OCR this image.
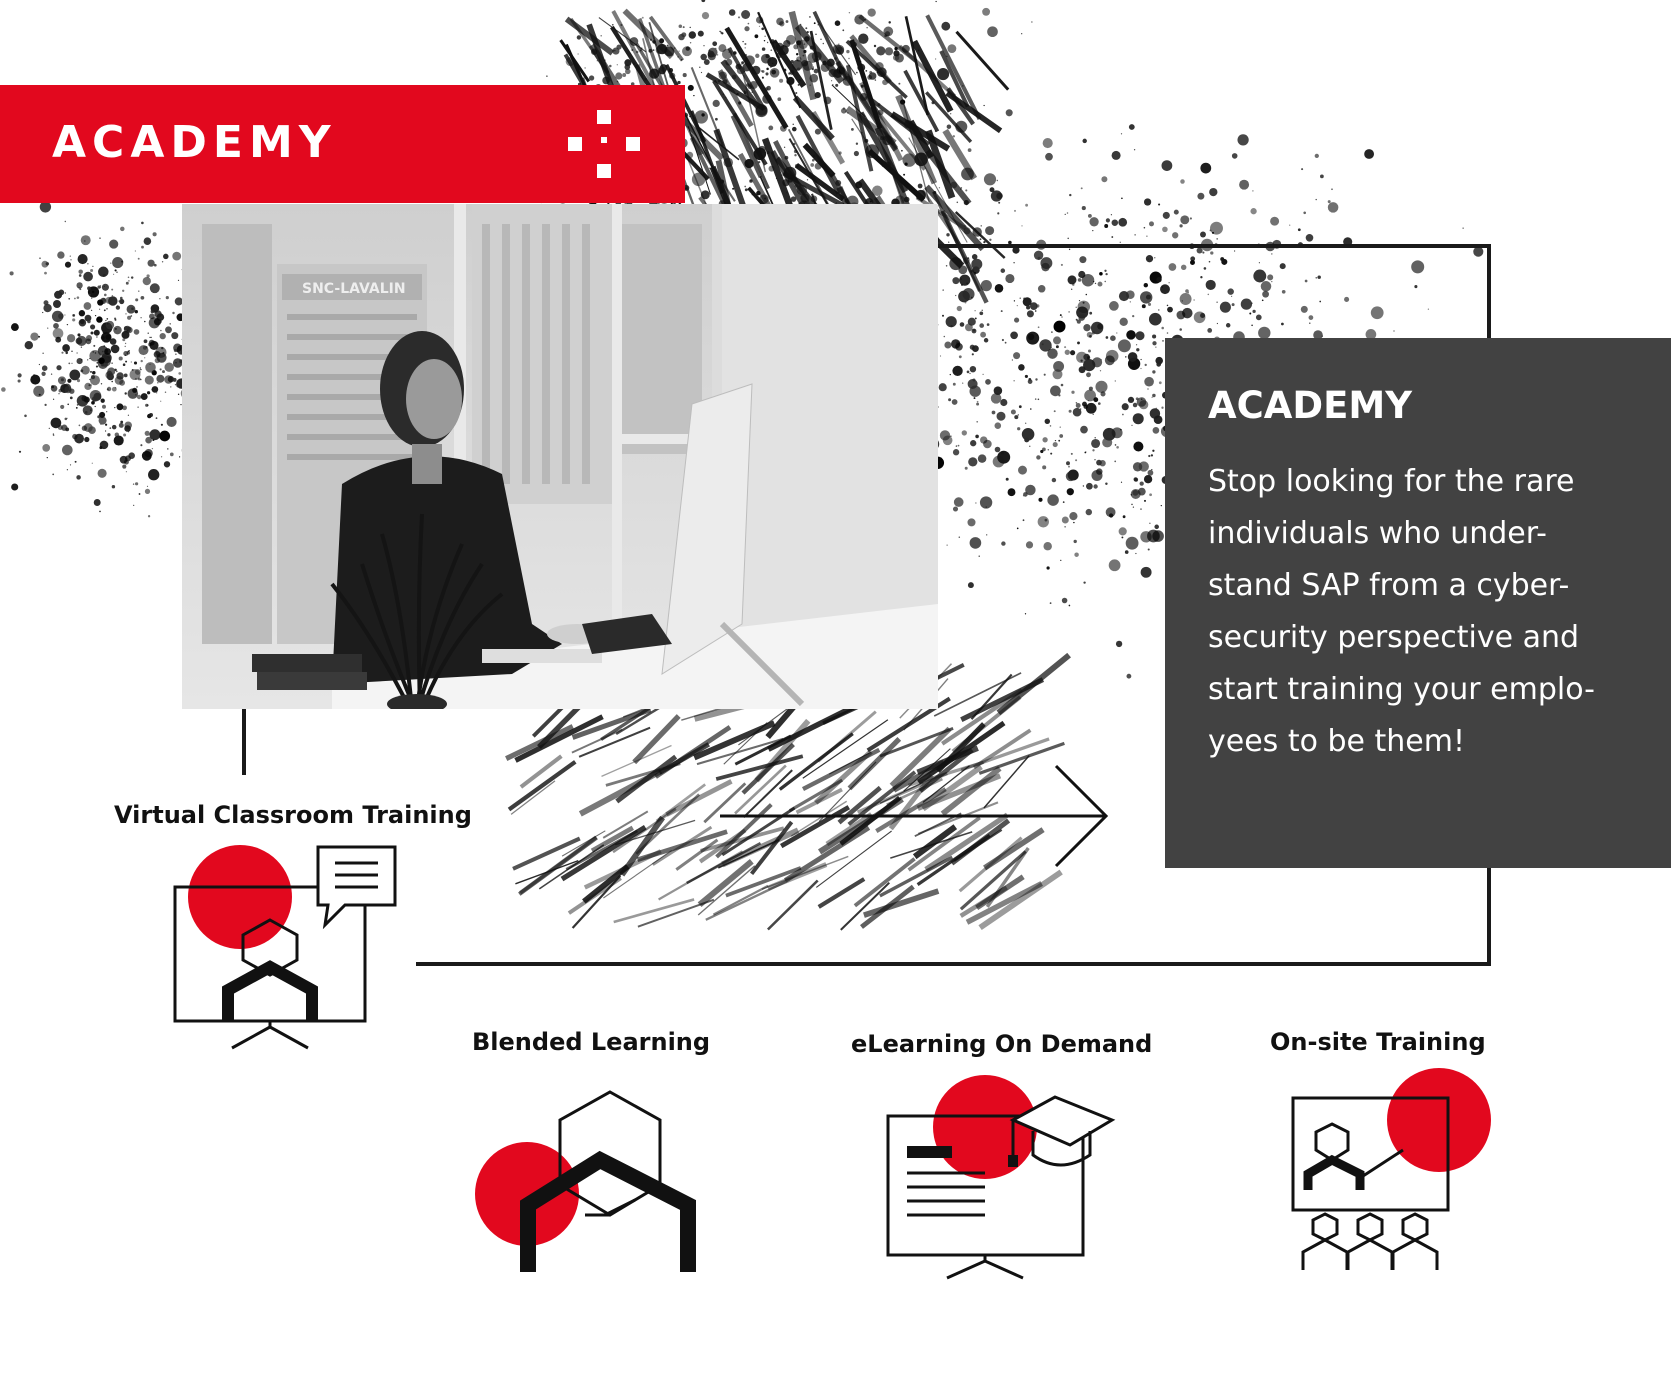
ACADEMY
SNC-LAVALIN
ACADEMY
Stop looking for the rare
individuals who under-
stand SAP from a cyber-
security perspective and
start training your emplo-
yees to be them!
Virtual Classroom Training
Blended Learning	eLearning On Demand	On-site Training
